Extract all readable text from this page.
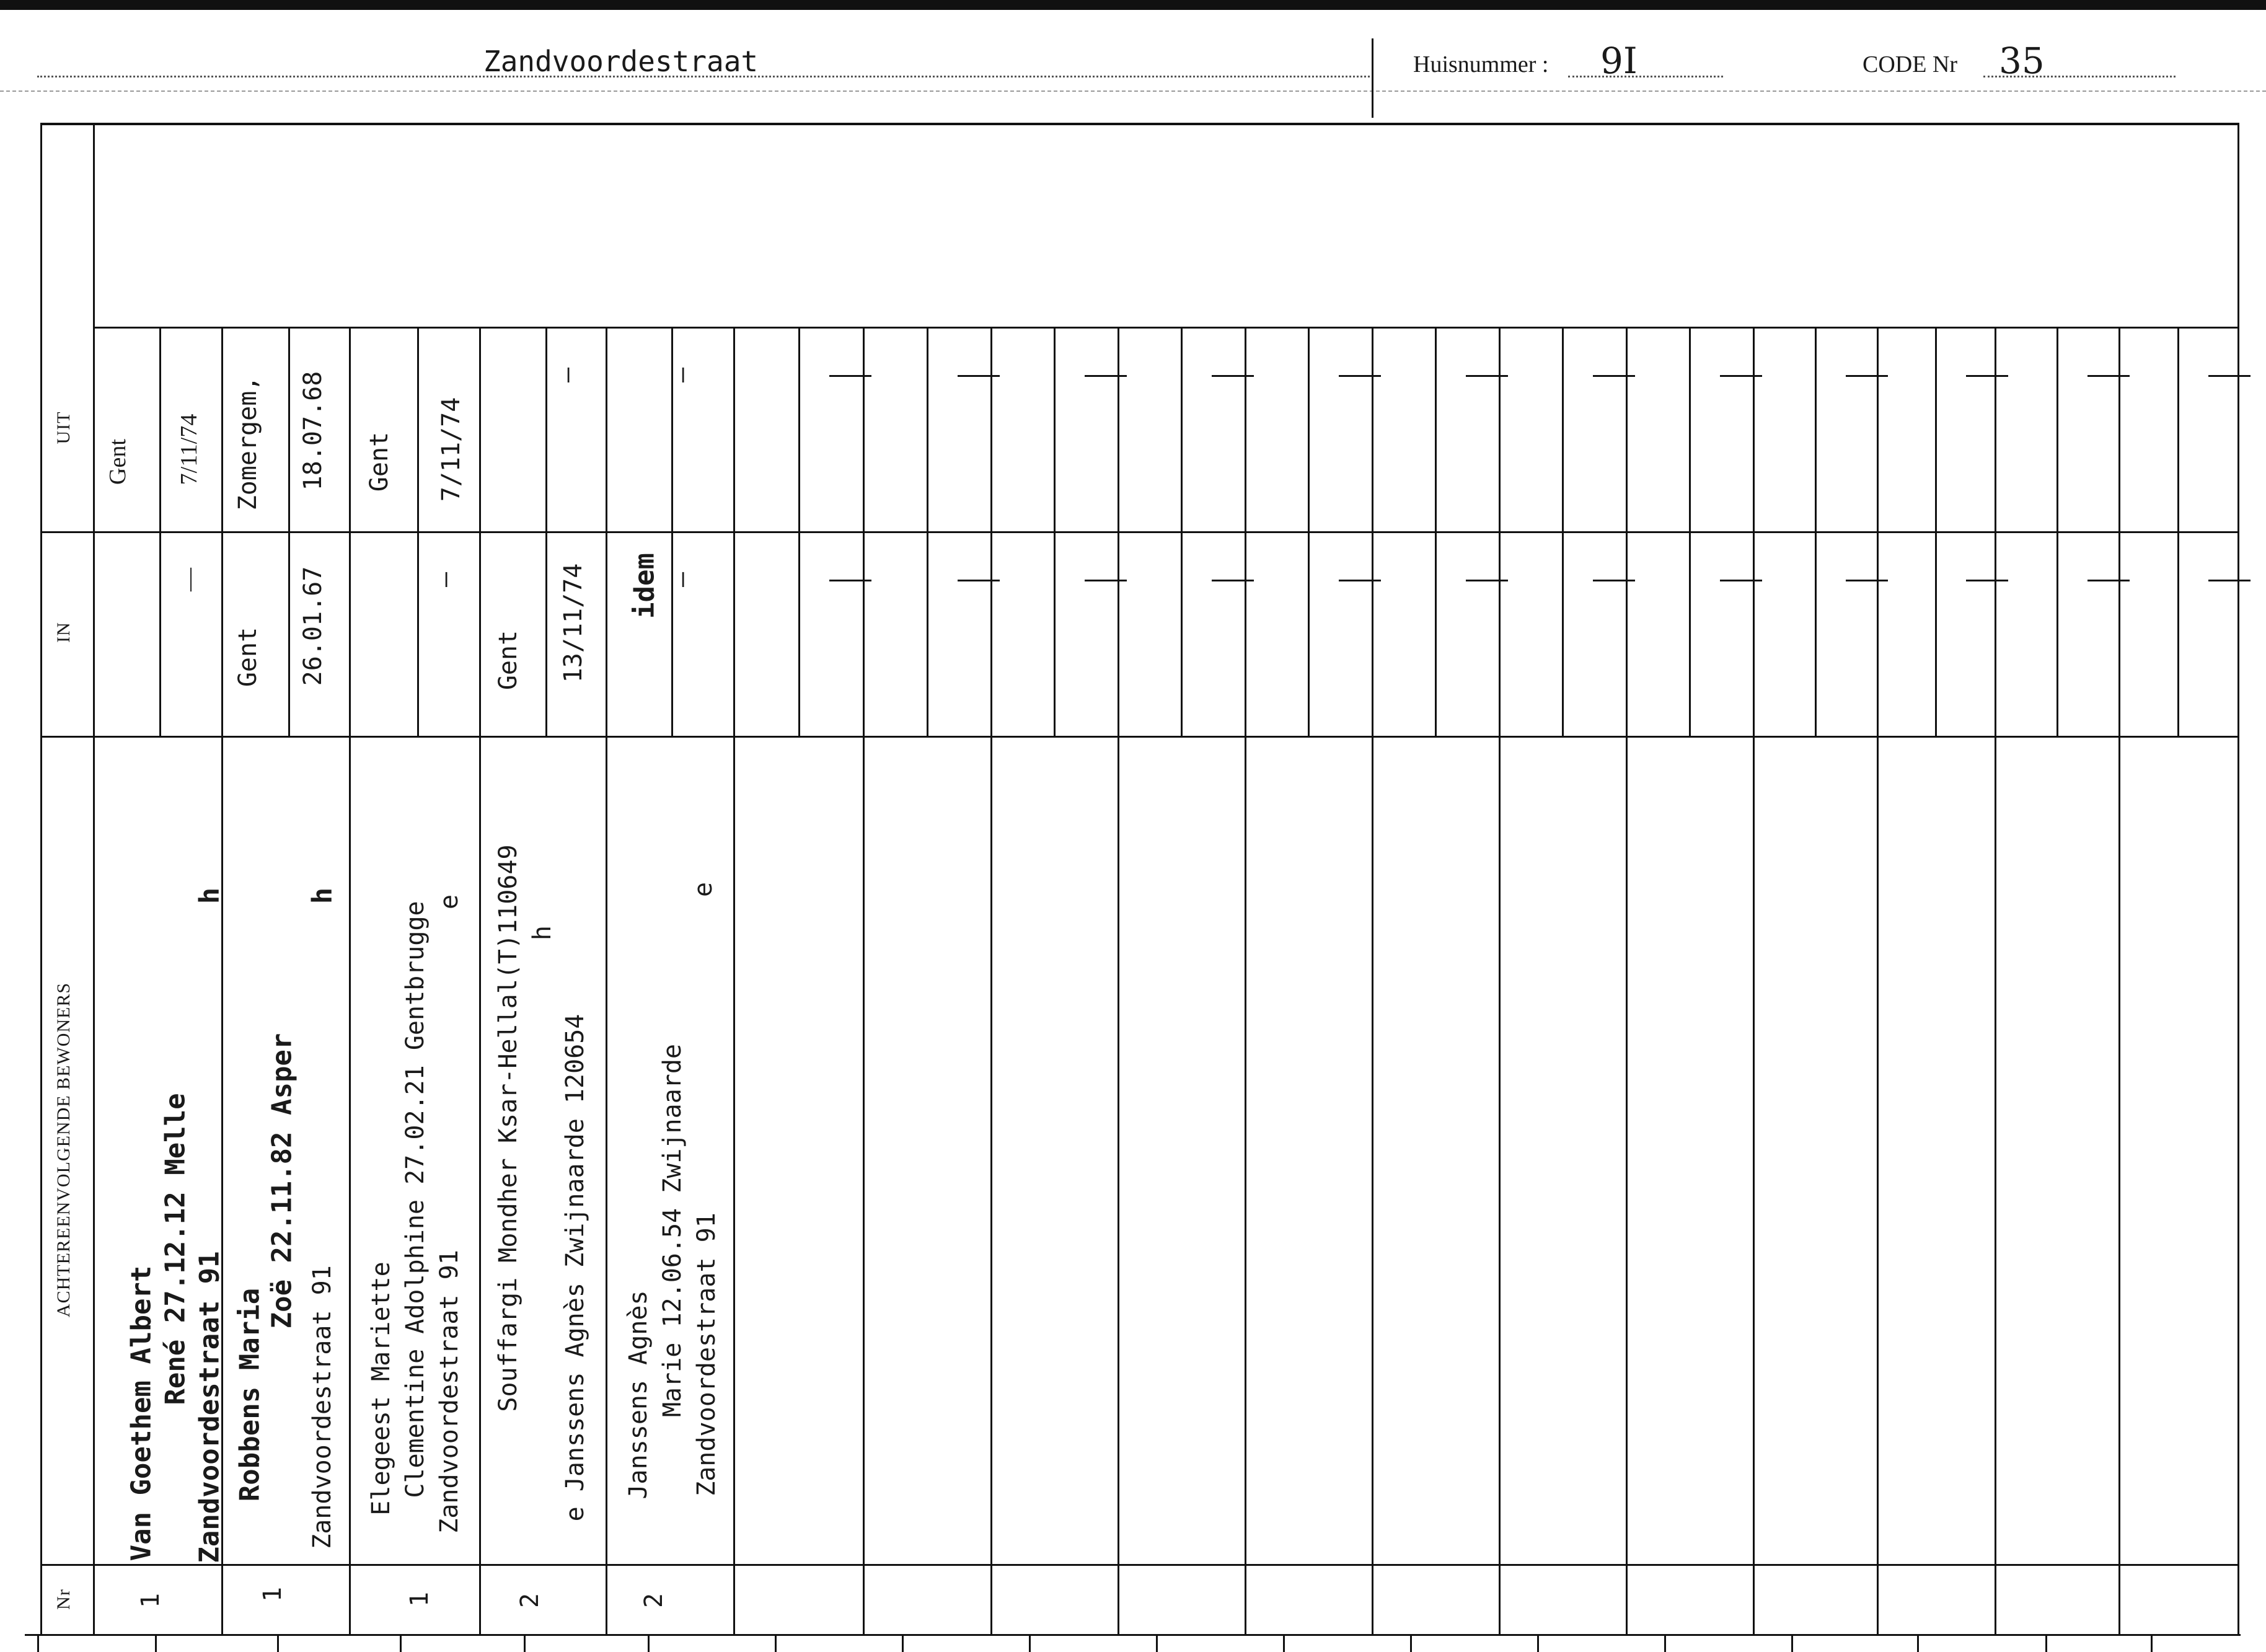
Zandvoordestraat	Huisnummer : 9I	CODE Nr 35
UIT
IN
ACHTEREENVOLGENDE BEWONERS
Nr
Gent 7/11/74
—
Van Goethem Albert
René 27.12.12 Melle
Zandvoordestraat 91
h
1
Zomergem, 18.07.68
Gent 26.01.67
Robbens Maria
Zoë 22.11.82 Asper
Zandvoordestraat 91
h
1
Gent 7/11/74
—
Elegeest Mariette Clementine Adolphine 27.02.21 Gentbrugge Zandvoordestraat 91
e
1
—
Gent 13/11/74
Souffargi Mondher Ksar-Hellal(T)110649 e Janssens Agnès Zwijnaarde 120654
h
2
—
idem —
Janssens Agnès Marie 12.06.54 Zwijnaarde Zandvoordestraat 91
e
2
